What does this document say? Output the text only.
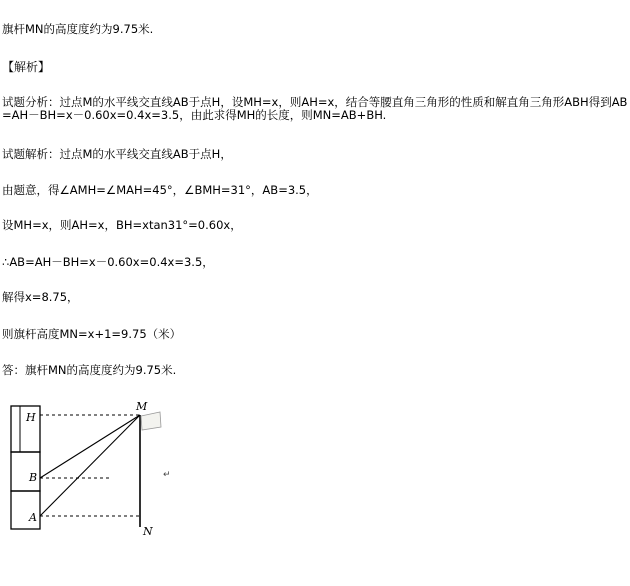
旗杆MN的高度度约为9.75米.
【解析】
试题分析：过点M的水平线交直线AB于点H，设MH=x，则AH=x，结合等腰直角三角形的性质和解直角三角形ABH得到AB=AH－BH=x－0.60x=0.4x=3.5，由此求得MH的长度，则MN=AB+BH.
试题解析：过点M的水平线交直线AB于点H，
由题意，得∠AMH=∠MAH=45°，∠BMH=31°，AB=3.5，
设MH=x，则AH=x，BH=xtan31°=0.60x，
∴AB=AH－BH=x－0.60x=0.4x=3.5，
解得x=8.75，
则旗杆高度MN=x+1=9.75（米）
答：旗杆MN的高度度约为9.75米.
H
M
B
A
N
↵
